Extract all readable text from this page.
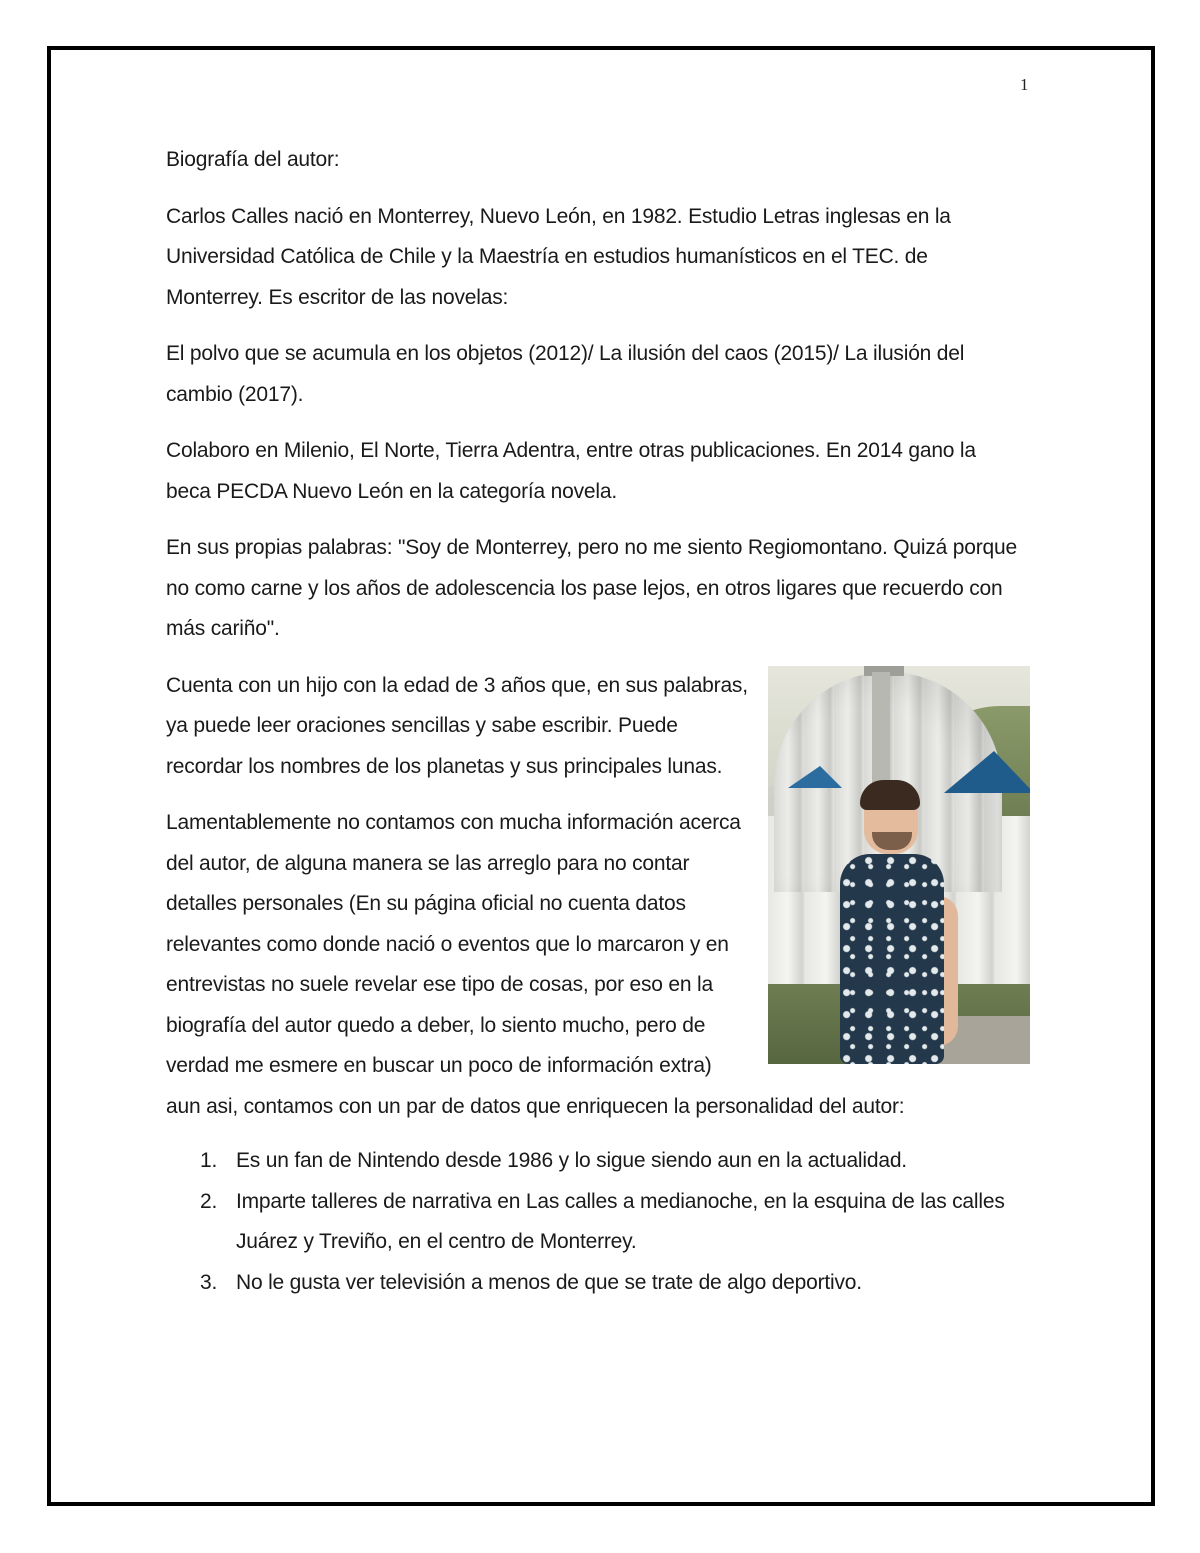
1

Biografía del autor:

Carlos Calles nació en Monterrey, Nuevo León, en 1982. Estudio Letras inglesas en la Universidad Católica de Chile y la Maestría en estudios humanísticos en el TEC. de Monterrey. Es escritor de las novelas:

El polvo que se acumula en los objetos (2012)/ La ilusión del caos (2015)/ La ilusión del cambio (2017).

Colaboro en Milenio, El Norte, Tierra Adentra, entre otras publicaciones. En 2014 gano la beca PECDA Nuevo León en la categoría novela.

En sus propias palabras: "Soy de Monterrey, pero no me siento Regiomontano. Quizá porque no como carne y los años de adolescencia los pase lejos, en otros ligares que recuerdo con más cariño".

Cuenta con un hijo con la edad de 3 años que, en sus palabras, ya puede leer oraciones sencillas y sabe escribir. Puede recordar los nombres de los planetas y sus principales lunas.

Lamentablemente no contamos con mucha información acerca del autor, de alguna manera se las arreglo para no contar detalles personales (En su página oficial no cuenta datos relevantes como donde nació o eventos que lo marcaron y en entrevistas no suele revelar ese tipo de cosas, por eso en la biografía del autor quedo a deber, lo siento mucho, pero de verdad me esmere en buscar un poco de información extra) aun asi, contamos con un par de datos que enriquecen la personalidad del autor:

1. Es un fan de Nintendo desde 1986 y lo sigue siendo aun en la actualidad.
2. Imparte talleres de narrativa en Las calles a medianoche, en la esquina de las calles Juárez y Treviño, en el centro de Monterrey.
3. No le gusta ver televisión a menos de que se trate de algo deportivo.
